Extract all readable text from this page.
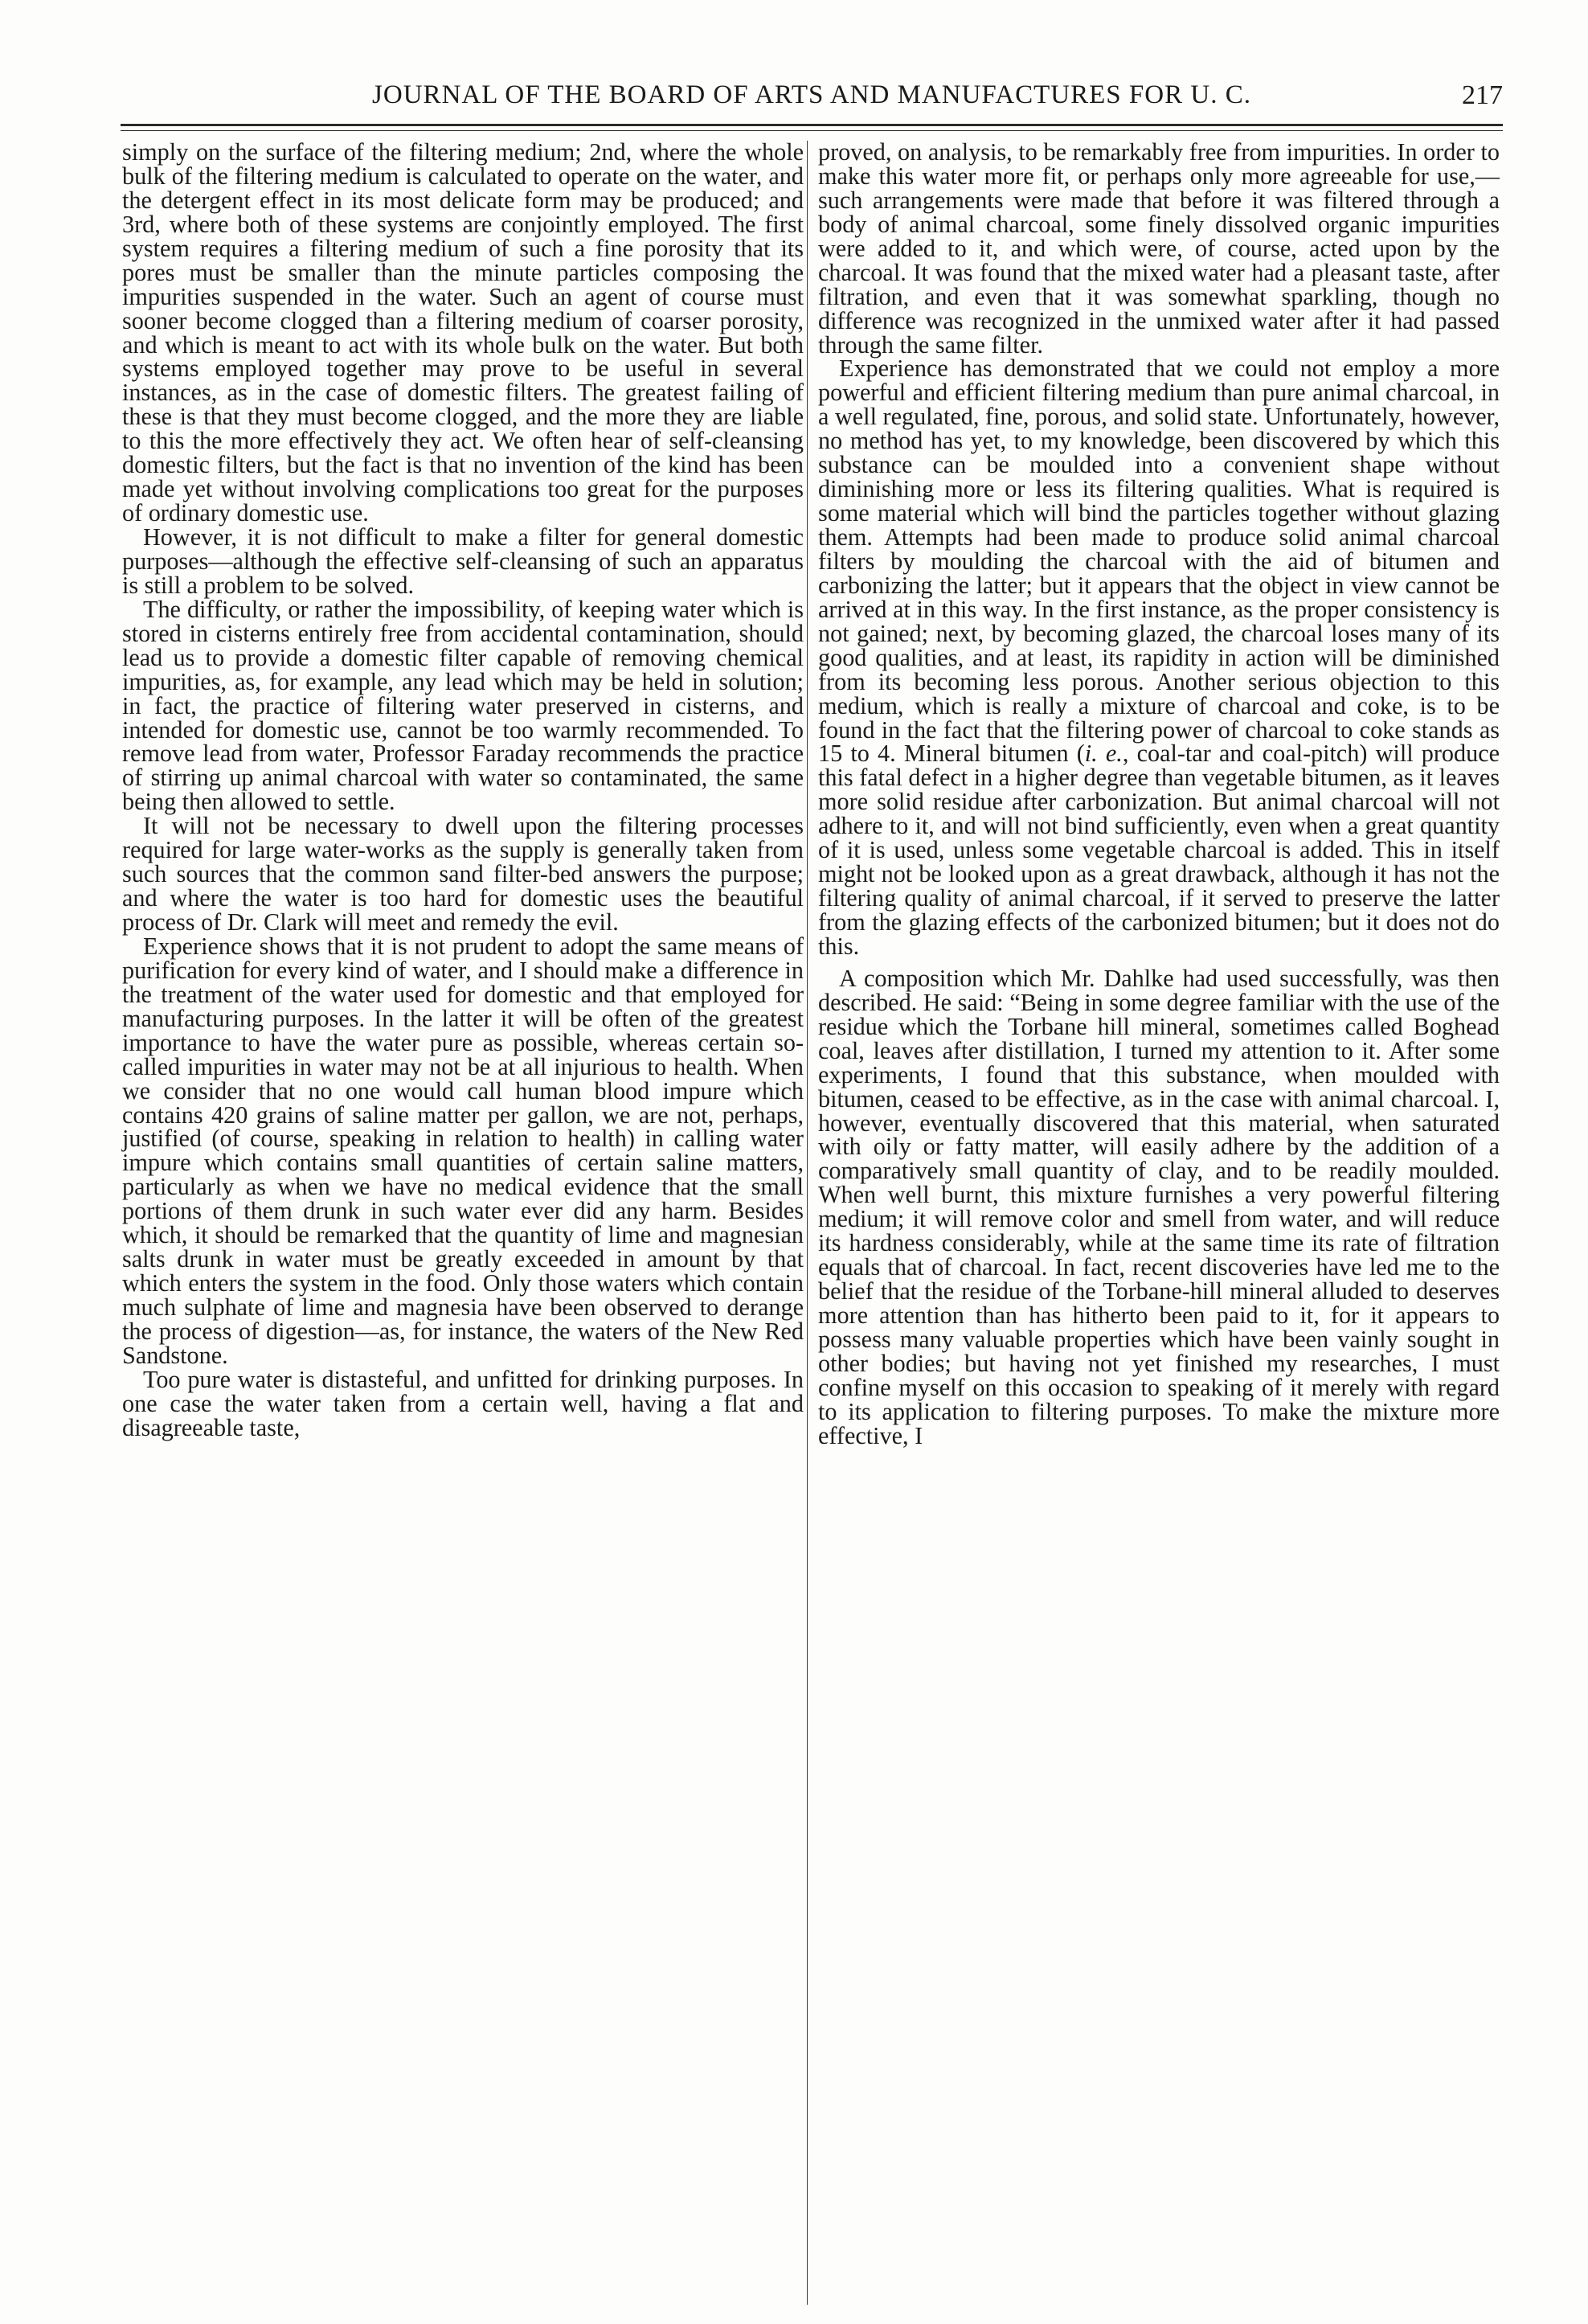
JOURNAL OF THE BOARD OF ARTS AND MANUFACTURES FOR U. C.	217

simply on the surface of the filtering medium; 2nd, where the whole bulk of the filtering medium is calculated to operate on the water, and the detergent effect in its most delicate form may be produced; and 3rd, where both of these systems are conjointly employed. The first system requires a filtering medium of such a fine porosity that its pores must be smaller than the minute particles composing the impurities suspended in the water. Such an agent of course must sooner become clogged than a filtering medium of coarser porosity, and which is meant to act with its whole bulk on the water. But both systems employed together may prove to be useful in several instances, as in the case of domestic filters. The greatest failing of these is that they must become clogged, and the more they are liable to this the more effectively they act. We often hear of self-cleansing domestic filters, but the fact is that no invention of the kind has been made yet without involving complications too great for the purposes of ordinary domestic use.

However, it is not difficult to make a filter for general domestic purposes—although the effective self-cleansing of such an apparatus is still a problem to be solved.

The difficulty, or rather the impossibility, of keeping water which is stored in cisterns entirely free from accidental contamination, should lead us to provide a domestic filter capable of removing chemical impurities, as, for example, any lead which may be held in solution; in fact, the practice of filtering water preserved in cisterns, and intended for domestic use, cannot be too warmly recommended. To remove lead from water, Professor Faraday recommends the practice of stirring up animal charcoal with water so contaminated, the same being then allowed to settle.

It will not be necessary to dwell upon the filtering processes required for large water-works as the supply is generally taken from such sources that the common sand filter-bed answers the purpose; and where the water is too hard for domestic uses the beautiful process of Dr. Clark will meet and remedy the evil.

Experience shows that it is not prudent to adopt the same means of purification for every kind of water, and I should make a difference in the treatment of the water used for domestic and that employed for manufacturing purposes. In the latter it will be often of the greatest importance to have the water pure as possible, whereas certain so-called impurities in water may not be at all injurious to health. When we consider that no one would call human blood impure which contains 420 grains of saline matter per gallon, we are not, perhaps, justified (of course, speaking in relation to health) in calling water impure which contains small quantities of certain saline matters, particularly as when we have no medical evidence that the small portions of them drunk in such water ever did any harm. Besides which, it should be remarked that the quantity of lime and magnesian salts drunk in water must be greatly exceeded in amount by that which enters the system in the food. Only those waters which contain much sulphate of lime and magnesia have been observed to derange the process of digestion—as, for instance, the waters of the New Red Sandstone.

Too pure water is distasteful, and unfitted for drinking purposes. In one case the water taken from a certain well, having a flat and disagreeable taste,

proved, on analysis, to be remarkably free from impurities. In order to make this water more fit, or perhaps only more agreeable for use,—such arrangements were made that before it was filtered through a body of animal charcoal, some finely dissolved organic impurities were added to it, and which were, of course, acted upon by the charcoal. It was found that the mixed water had a pleasant taste, after filtration, and even that it was somewhat sparkling, though no difference was recognized in the unmixed water after it had passed through the same filter.

Experience has demonstrated that we could not employ a more powerful and efficient filtering medium than pure animal charcoal, in a well regulated, fine, porous, and solid state. Unfortunately, however, no method has yet, to my knowledge, been discovered by which this substance can be moulded into a convenient shape without diminishing more or less its filtering qualities. What is required is some material which will bind the particles together without glazing them. Attempts had been made to produce solid animal charcoal filters by moulding the charcoal with the aid of bitumen and carbonizing the latter; but it appears that the object in view cannot be arrived at in this way. In the first instance, as the proper consistency is not gained; next, by becoming glazed, the charcoal loses many of its good qualities, and at least, its rapidity in action will be diminished from its becoming less porous. Another serious objection to this medium, which is really a mixture of charcoal and coke, is to be found in the fact that the filtering power of charcoal to coke stands as 15 to 4. Mineral bitumen (i. e., coal-tar and coal-pitch) will produce this fatal defect in a higher degree than vegetable bitumen, as it leaves more solid residue after carbonization. But animal charcoal will not adhere to it, and will not bind sufficiently, even when a great quantity of it is used, unless some vegetable charcoal is added. This in itself might not be looked upon as a great drawback, although it has not the filtering quality of animal charcoal, if it served to preserve the latter from the glazing effects of the carbonized bitumen; but it does not do this.

A composition which Mr. Dahlke had used successfully, was then described. He said: “Being in some degree familiar with the use of the residue which the Torbane hill mineral, sometimes called Boghead coal, leaves after distillation, I turned my attention to it. After some experiments, I found that this substance, when moulded with bitumen, ceased to be effective, as in the case with animal charcoal. I, however, eventually discovered that this material, when saturated with oily or fatty matter, will easily adhere by the addition of a comparatively small quantity of clay, and to be readily moulded. When well burnt, this mixture furnishes a very powerful filtering medium; it will remove color and smell from water, and will reduce its hardness considerably, while at the same time its rate of filtration equals that of charcoal. In fact, recent discoveries have led me to the belief that the residue of the Torbane-hill mineral alluded to deserves more attention than has hitherto been paid to it, for it appears to possess many valuable properties which have been vainly sought in other bodies; but having not yet finished my researches, I must confine myself on this occasion to speaking of it merely with regard to its application to filtering purposes. To make the mixture more effective, I
